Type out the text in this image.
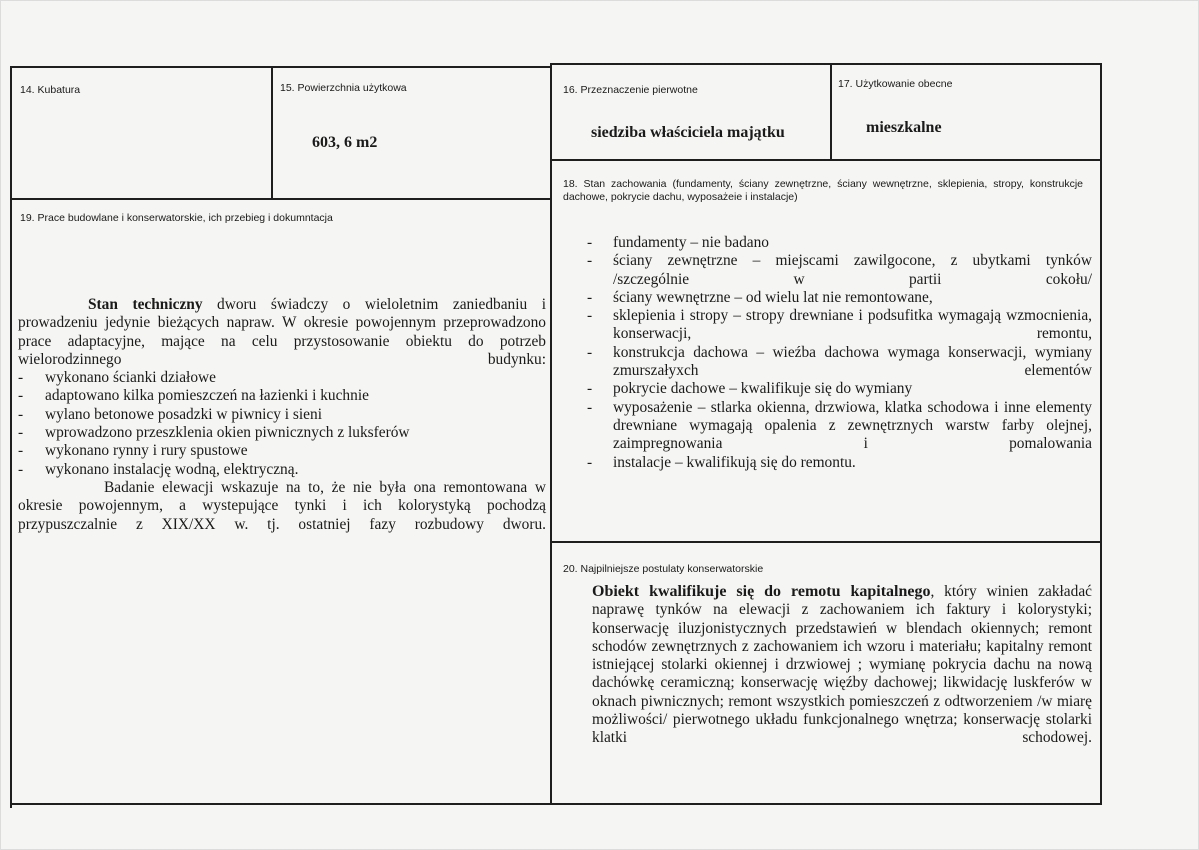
14. Kubatura	15. Powierzchnia użytkowa
603, 6 m2
16. Przeznaczenie pierwotne
siedziba właściciela majątku
17. Użytkowanie obecne
mieszkalne
18. Stan zachowania (fundamenty, ściany zewnętrzne, ściany wewnętrzne, sklepienia, stropy, konstrukcje dachowe, pokrycie dachu, wyposażeie i instalacje)
- fundamenty – nie badano
- ściany zewnętrzne – miejscami zawilgocone, z ubytkami tynków /szczególnie w partii cokołu/
- ściany wewnętrzne – od wielu lat nie remontowane,
- sklepienia i stropy – stropy drewniane i podsufitka wymagają wzmocnienia, konserwacji, remontu,
- konstrukcja dachowa – wieźba dachowa wymaga konserwacji, wymiany zmurszałyxch elementów
- pokrycie dachowe – kwalifikuje się do wymiany
- wyposażenie – stlarka okienna, drzwiowa, klatka schodowa i inne elementy drewniane wymagają opalenia z zewnętrznych warstw farby olejnej, zaimpregnowania i pomalowania
- instalacje – kwalifikują się do remontu.
19. Prace budowlane i konserwatorskie, ich przebieg i dokumntacja

Stan techniczny dworu świadczy o wieloletnim zaniedbaniu i prowadzeniu jedynie bieżących napraw. W okresie powojennym przeprowadzono prace adaptacyjne, mające na celu przystosowanie obiektu do potrzeb wielorodzinnego budynku:

- wykonano ścianki działowe
- adaptowano kilka pomieszczeń na łazienki i kuchnie
- wylano betonowe posadzki w piwnicy i sieni
- wprowadzono przeszklenia okien piwnicznych z luksferów
- wykonano rynny i rury spustowe
- wykonano instalację wodną, elektryczną.

Badanie elewacji wskazuje na to, że nie była ona remontowana w okresie powojennym, a wystepujące tynki i ich kolorystyką pochodzą przypuszczalnie z XIX/XX w. tj. ostatniej fazy rozbudowy dworu.

20. Najpilniejsze postulaty konserwatorskie

Obiekt kwalifikuje się do remotu kapitalnego, który winien zakładać naprawę tynków na elewacji z zachowaniem ich faktury i kolorystyki; konserwację iluzjonistycznych przedstawień w blendach okiennych; remont schodów zewnętrznych z zachowaniem ich wzoru i materiału; kapitalny remont istniejącej stolarki okiennej i drzwiowej ; wymianę pokrycia dachu na nową dachówkę ceramiczną; konserwację więźby dachowej; likwidację luskferów w oknach piwnicznych; remont wszystkich pomieszczeń z odtworzeniem /w miarę możliwości/ pierwotnego układu funkcjonalnego wnętrza; konserwację stolarki klatki schodowej.
